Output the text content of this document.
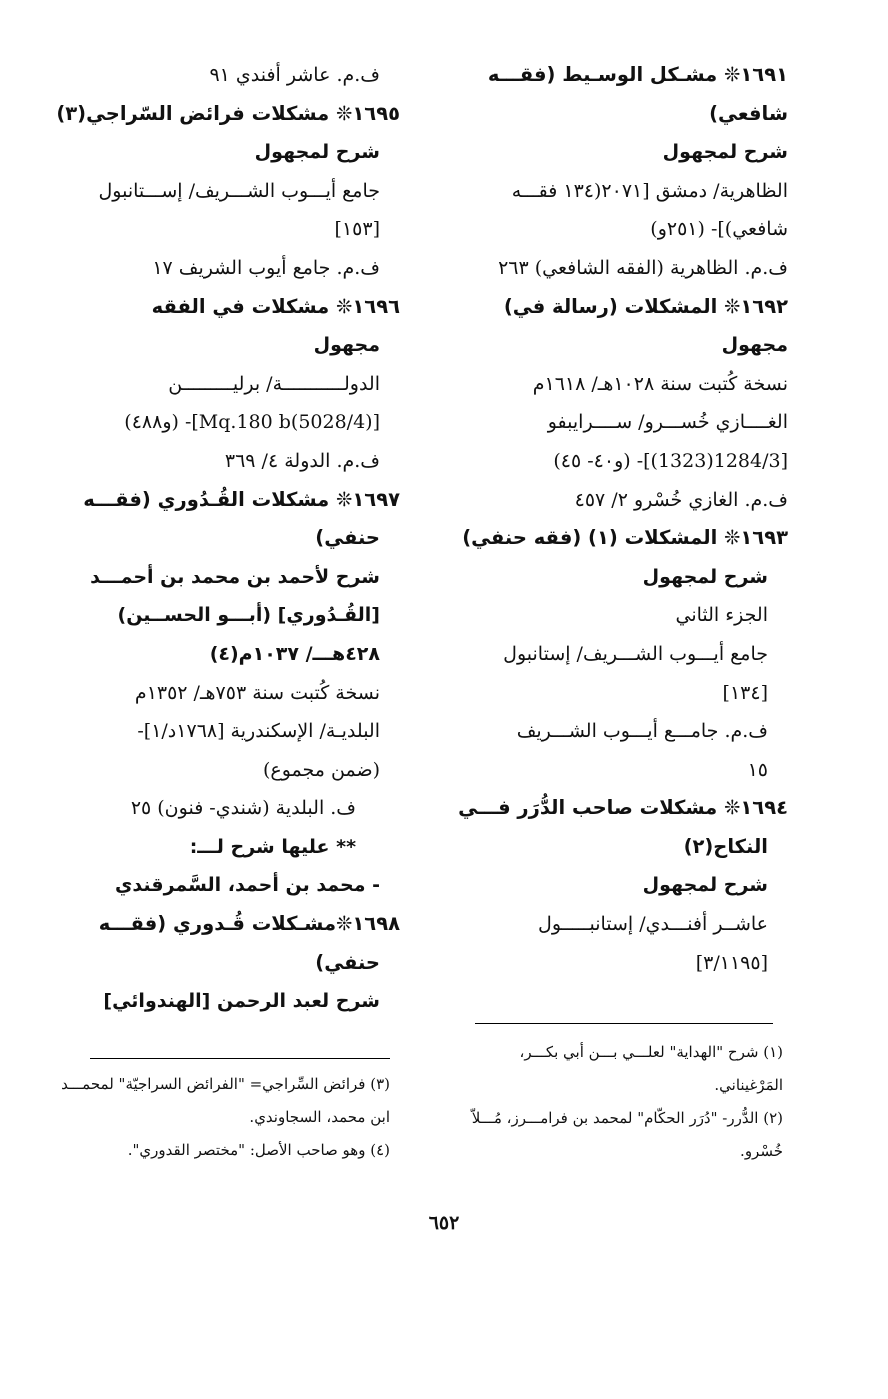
١٦٩١❊ مشـكل الوسـيط (فقـــه
شافعي)
شرح لمجهول
الظاهرية/ دمشق [٢٠٧١(١٣٤ فقـــه
شافعي)]- (٢٥١و)
ف.م. الظاهرية (الفقه الشافعي) ٢٦٣
١٦٩٢❊ المشكلات (رسالة في)
مجهول
نسخة كُتبت سنة ١٠٢٨هـ/ ١٦١٨م
الغــــازي خُســـرو/ ســــرايبفو
[1284/3(1323)]- (و٤٠- ٤٥)
ف.م. الغازي خُسْرو ٢/ ٤٥٧
١٦٩٣❊ المشكلات (١) (فقه حنفي)
شرح لمجهول
الجزء الثاني
جامع أيـــوب الشـــريف/ إستانبول
[١٣٤]
ف.م. جامـــع أيـــوب الشـــريف
١٥
١٦٩٤❊ مشكلات صاحب الدُّرَر فـــي
النكاح(٢)
شرح لمجهول
عاشــر أفنـــدي/ إستانبـــــول
[٣/١١٩٥]
ف.م. عاشر أفندي ٩١
١٦٩٥❊ مشكلات فرائض السّراجي(٣)
شرح لمجهول
جامع أيـــوب الشـــريف/ إســـتانبول
[١٥٣]
ف.م. جامع أيوب الشريف ١٧
١٦٩٦❊ مشكلات في الفقه
مجهول
الدولـــــــــــة/ برليـــــــــن
[Mq.180 b(5028/4)]- (و٤٨٨)
ف.م. الدولة ٤/ ٣٦٩
١٦٩٧❊ مشكلات القُـدُوري (فقـــه
حنفي)
شرح لأحمد بن محمد بن أحمـــد
[القُـدُوري] (أبـــو الحســين)
٤٢٨هـــ/ ١٠٣٧م(٤)
نسخة كُتبت سنة ٧٥٣هـ/ ١٣٥٢م
البلديـة/ الإسكندرية [١٧٦٨د/١]-
(ضمن مجموع)
ف. البلدية (شندي- فنون) ٢٥
** عليها شرح لـــ:
- محمد بن أحمد، السَّمرقندي
١٦٩٨❊مشـكلات قُـدوري (فقـــه
حنفي)
شرح لعبد الرحمن [الهندوائي]
(١) شرح "الهداية" لعلـــي بـــن أبي بكـــر،
المَرْغيناني.
(٢) الدُّرر- "دُرَر الحكّام" لمحمد بن فرامـــرز، مُـــلاّ
خُسْرو.
(٣) فرائض السِّراجي= "الفرائض السراجيّة" لمحمـــد
ابن محمد، السجاوندي.
(٤) وهو صاحب الأصل: "مختصر القدوري".
٦٥٢
